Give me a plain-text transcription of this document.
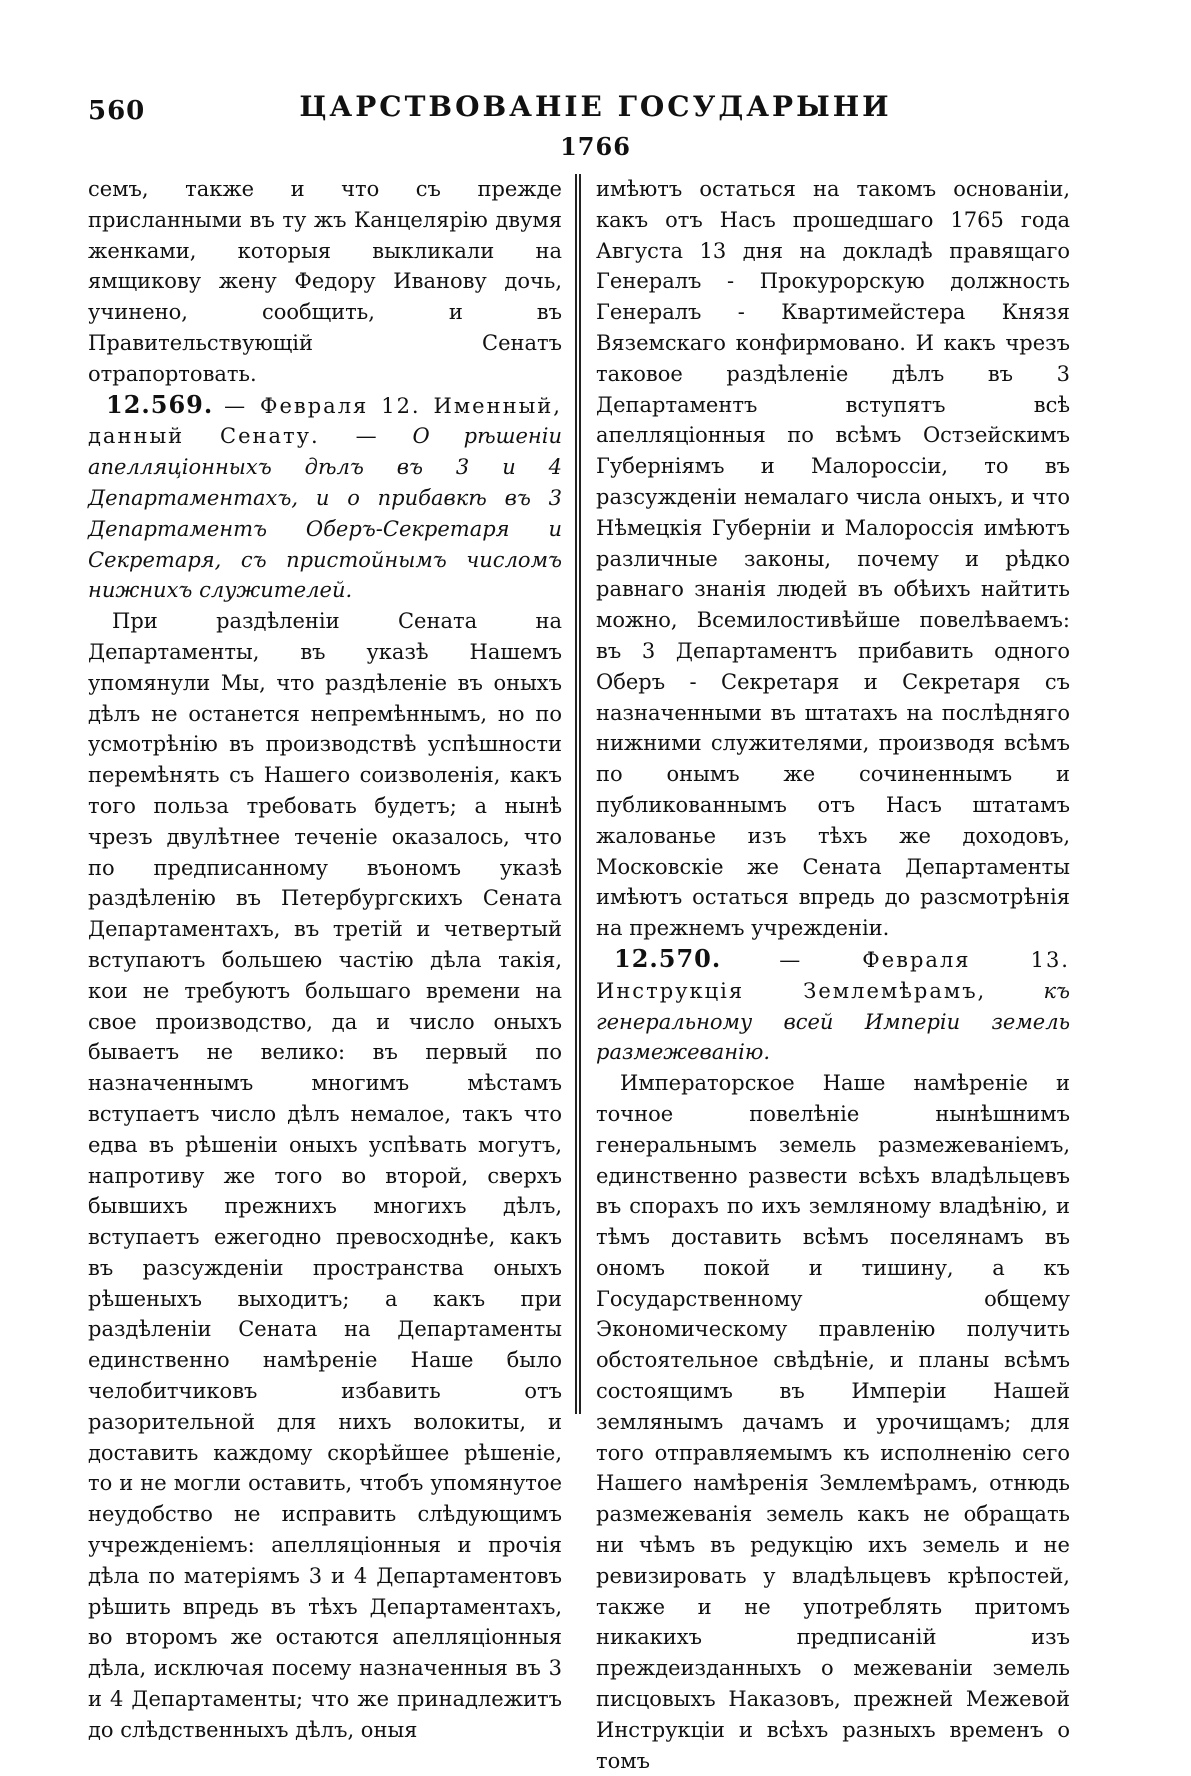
560	ЦАРСТВОВАНІЕ ГОСУДАРЫНИ
1766

семъ, также и что съ прежде присланными въ ту жъ Канцелярію двумя женками, которыя выкликали на ямщикову жену Федору Иванову дочь, учинено, сообщить, и въ Правительствующій Сенатъ отрапортовать.

12.569. — Февраля 12. Именный, данный Сенату. — О рѣшеніи апелляціонныхъ дѣлъ въ 3 и 4 Департаментахъ, и о прибавкѣ въ 3 Департаментъ Оберъ-Секретаря и Секретаря, съ пристойнымъ числомъ нижнихъ служителей.

При раздѣленіи Сената на Департаменты, въ указѣ Нашемъ упомянули Мы, что раздѣленіе въ оныхъ дѣлъ не останется непремѣннымъ, но по усмотрѣнію въ производствѣ успѣшности перемѣнять съ Нашего соизволенія, какъ того польза требовать будетъ; а нынѣ чрезъ двулѣтнее теченіе оказалось, что по предписанному въономъ указѣ раздѣленію въ Петербургскихъ Сената Департаментахъ, въ третій и четвертый вступаютъ большею частію дѣла такія, кои не требуютъ большаго времени на свое производство, да и число оныхъ бываетъ не велико: въ первый по назначеннымъ многимъ мѣстамъ вступаетъ число дѣлъ немалое, такъ что едва въ рѣшеніи оныхъ успѣвать могутъ, напротиву же того во второй, сверхъ бывшихъ прежнихъ многихъ дѣлъ, вступаетъ ежегодно превосходнѣе, какъ въ разсужденіи пространства оныхъ рѣшеныхъ выходитъ; а какъ при раздѣленіи Сената на Департаменты единственно намѣреніе Наше было челобитчиковъ избавить отъ разорительной для нихъ волокиты, и доставить каждому скорѣйшее рѣшеніе, то и не могли оставить, чтобъ упомянутое неудобство не исправить слѣдующимъ учрежденіемъ: апелляціонныя и прочія дѣла по матеріямъ 3 и 4 Департаментовъ рѣшить впредь въ тѣхъ Департаментахъ, во второмъ же остаются апелляціонныя дѣла, исключая посему назначенныя въ 3 и 4 Департаменты; что же принадлежитъ до слѣдственныхъ дѣлъ, оныя

имѣютъ остаться на такомъ основаніи, какъ отъ Насъ прошедшаго 1765 года Августа 13 дня на докладѣ правящаго Генералъ - Прокурорскую должность Генералъ - Квартимейстера Князя Вяземскаго конфирмовано. И какъ чрезъ таковое раздѣленіе дѣлъ въ 3 Департаментъ вступятъ всѣ апелляціонныя по всѣмъ Остзейскимъ Губерніямъ и Малороссіи, то въ разсужденіи немалаго числа оныхъ, и что Нѣмецкія Губерніи и Малороссія имѣютъ различные законы, почему и рѣдко равнаго знанія людей въ обѣихъ найтить можно, Всемилостивѣйше повелѣваемъ: въ 3 Департаментъ прибавить одного Оберъ - Секретаря и Секретаря съ назначенными въ штатахъ на послѣдняго нижними служителями, производя всѣмъ по онымъ же сочиненнымъ и публикованнымъ отъ Насъ штатамъ жалованье изъ тѣхъ же доходовъ, Московскіе же Сената Департаменты имѣютъ остаться впредь до разсмотрѣнія на прежнемъ учрежденіи.

12.570.	— Февраля 13. Инструкція Землемѣрамъ,	къ генеральному всей Имперіи земель размежеванію.

Императорское Наше намѣреніе и точное повелѣніе нынѣшнимъ генеральнымъ земель размежеваніемъ, единственно развести всѣхъ владѣльцевъ въ спорахъ по ихъ земляному владѣнію, и тѣмъ доставить всѣмъ поселянамъ въ ономъ покой и тишину, а къ Государственному общему Экономическому правленію получить обстоятельное свѣдѣніе, и планы всѣмъ состоящимъ въ Имперіи Нашей землянымъ дачамъ и урочищамъ; для того отправляемымъ къ исполненію сего Нашего намѣренія Землемѣрамъ, отнюдь размежеванія земель какъ не обращать ни чѣмъ въ редукцію ихъ земель и не ревизировать у владѣльцевъ крѣпостей, также и не употреблять притомъ никакихъ предписаній изъ преждеизданныхъ о межеваніи земель писцовыхъ Наказовъ, прежней Межевой Инструкціи и всѣхъ разныхъ временъ о томъ
